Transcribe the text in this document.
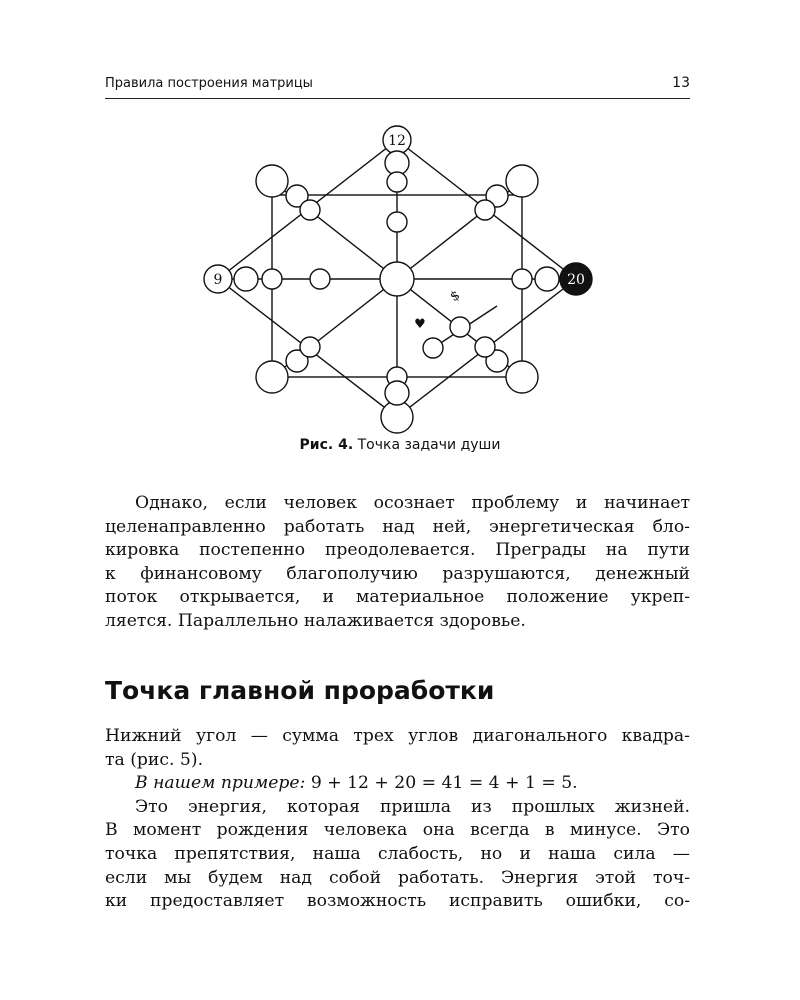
Правила построения матрицы	13
12
9	20
$
♥
Рис. 4. Точка задачи души
Однако, если человек осознает проблему и начинает
целенаправленно работать над ней, энергетическая бло-
кировка постепенно преодолевается. Преграды на пути
к финансовому благополучию разрушаются, денежный
поток открывается, и материальное положение укреп-
ляется. Параллельно налаживается здоровье.
Точка главной проработки
Нижний угол — сумма трех углов диагонального квадра-
та (рис. 5).
В нашем примере: 9 + 12 + 20 = 41 = 4 + 1 = 5.
Это энергия, которая пришла из прошлых жизней.
В момент рождения человека она всегда в минусе. Это
точка препятствия, наша слабость, но и наша сила —
если мы будем над собой работать. Энергия этой точ-
ки предоставляет возможность исправить ошибки, со-
